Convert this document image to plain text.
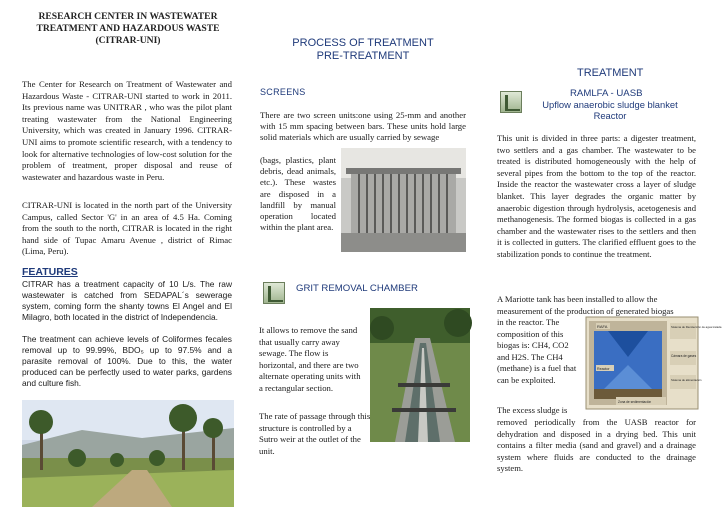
RESEARCH CENTER IN WASTEWATER
TREATMENT AND HAZARDOUS WASTE
(CITRAR-UNI)
The Center for Research on Treatment of Wastewater and Hazardous Waste - CITRAR-UNI started to work in 2011. Its previous name was UNITRAR , who was the pilot plant treating wastewater from the National Engineering University, which was created in January 1996. CITRAR-UNI aims to promote scientific research, with a tendency to look for alternative technologies of low-cost solution for the problem of treatment, proper disposal and reuse of wastewater and hazardous waste in Peru.
CITRAR-UNI is located in the north part of the University Campus, called Sector 'G' in an area of 4.5 Ha. Coming from the south to the north, CITRAR is located in the right hand side of Tupac Amaru Avenue , district of Rimac (Lima, Peru).
FEATURES
CITRAR has a treatment capacity of 10 L/s. The raw wastewater is catched from SEDAPAL´s sewerage system, coming form the shanty towns El Angel and El Milagro, both located in the district of Independencia.
The treatment can achieve levels of Coliformes fecales removal up to 99.99%, BDO₅ up to 97.5% and a parasite removal of 100%. Due to this, the water produced can be perfectly used to water parks, gardens and culture fish.
PROCESS OF TREATMENT
PRE-TREATMENT
SCREENS
There are two screen units:one using 25-mm and another with 15 mm spacing between bars. These units hold large solid materials which are usually carried by sewage
(bags, plastics, plant debris, dead animals, etc.). These wastes are disposed in a landfill by manual operation located within the plant area.
GRIT REMOVAL CHAMBER
It allows to remove the sand that usually carry away sewage. The flow is horizontal, and there are two alternate operating units with a rectangular section.
The rate of passage through this structure is controlled by a Sutro weir at the outlet of the unit.
TREATMENT
RAMLFA - UASB
Upflow anaerobic sludge blanket
Reactor
This unit is divided in three parts: a digester treatment, two settlers and a gas chamber. The wastewater to be treated is distributed homogeneously with the help of several pipes from the bottom to the top of the reactor. Inside the reactor the wastewater cross a layer of sludge blanket. This layer degrades the organic matter by anaerobic digestion through hydrolysis, acetogenesis and methanogenesis. The formed biogas is collected in a gas chamber and the wastewater rises to the settlers and then it is collected in gutters. The clarified effluent goes to the stabilization ponds to continue the treatment.
A Mariotte tank has been installed to allow the measurement of the production of generated biogas
in the reactor. The composition of this biogas is: CH4, CO2 and H2S. The CH4 (methane) is a fuel that can be exploited.
RAFA	Sistema de Recolección de agua tratada
Cámara de gases
Sistema de alimentación
Reactor
Zona de sedimentación
The excess sludge is
removed periodically from the UASB reactor for dehydration and disposed in a drying bed. This unit contains a filter media (sand and gravel) and a drainage system where fluids are conducted to the drainage system.
